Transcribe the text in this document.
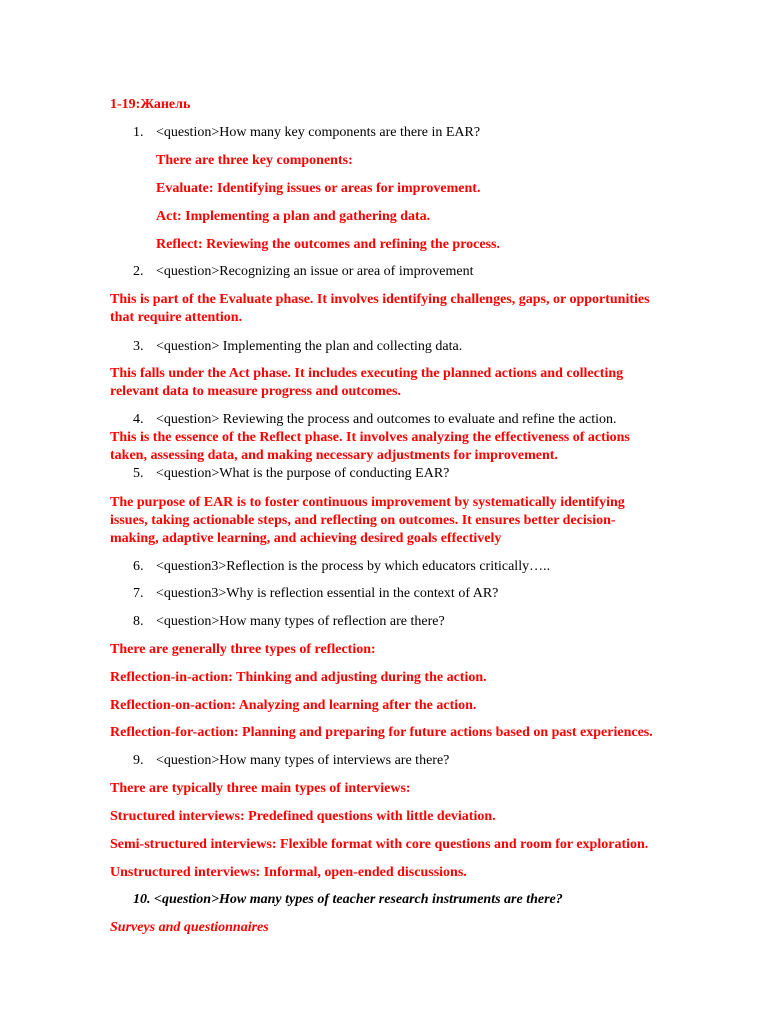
1-19:Жанель
1. <question>How many key components are there in EAR?
There are three key components:
Evaluate: Identifying issues or areas for improvement.
Act: Implementing a plan and gathering data.
Reflect: Reviewing the outcomes and refining the process.
2. <question>Recognizing an issue or area of improvement
This is part of the Evaluate phase. It involves identifying challenges, gaps, or opportunities
that require attention.
3. <question> Implementing the plan and collecting data.
This falls under the Act phase. It includes executing the planned actions and collecting
relevant data to measure progress and outcomes.
4. <question> Reviewing the process and outcomes to evaluate and refine the action.
This is the essence of the Reflect phase. It involves analyzing the effectiveness of actions
taken, assessing data, and making necessary adjustments for improvement.
5. <question>What is the purpose of conducting EAR?
The purpose of EAR is to foster continuous improvement by systematically identifying
issues, taking actionable steps, and reflecting on outcomes. It ensures better decision-
making, adaptive learning, and achieving desired goals effectively
6. <question3>Reflection is the process by which educators critically…..
7. <question3>Why is reflection essential in the context of AR?
8. <question>How many types of reflection are there?
There are generally three types of reflection:
Reflection-in-action: Thinking and adjusting during the action.
Reflection-on-action: Analyzing and learning after the action.
Reflection-for-action: Planning and preparing for future actions based on past experiences.
9. <question>How many types of interviews are there?
There are typically three main types of interviews:
Structured interviews: Predefined questions with little deviation.
Semi-structured interviews: Flexible format with core questions and room for exploration.
Unstructured interviews: Informal, open-ended discussions.
10. <question>How many types of teacher research instruments are there?
Surveys and questionnaires
